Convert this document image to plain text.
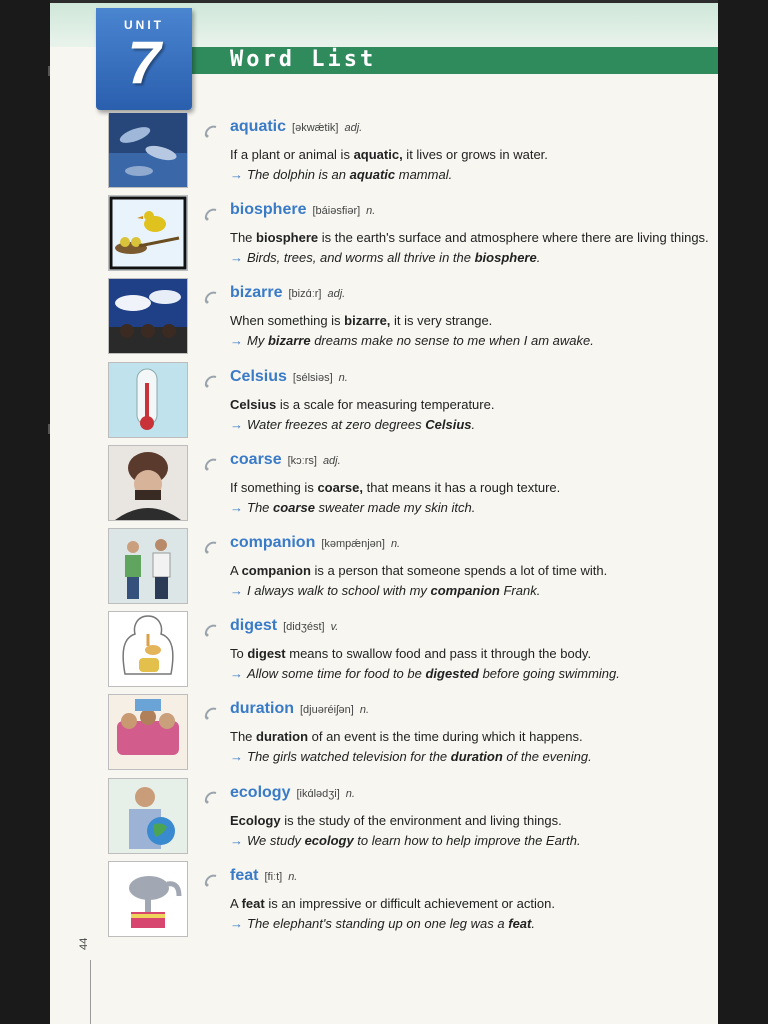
Word List
UNIT
7
aquatic [əkwǽtik] adj.
If a plant or animal is aquatic, it lives or grows in water.
→ The dolphin is an aquatic mammal.
biosphere [báiəsfiər] n.
The biosphere is the earth's surface and atmosphere where there are living things.
→ Birds, trees, and worms all thrive in the biosphere.
bizarre [bizɑ́ːr] adj.
When something is bizarre, it is very strange.
→ My bizarre dreams make no sense to me when I am awake.
Celsius [sélsiəs] n.
Celsius is a scale for measuring temperature.
→ Water freezes at zero degrees Celsius.
coarse [kɔːrs] adj.
If something is coarse, that means it has a rough texture.
→ The coarse sweater made my skin itch.
companion [kəmpǽnjən] n.
A companion is a person that someone spends a lot of time with.
→ I always walk to school with my companion Frank.
digest [didʒést] v.
To digest means to swallow food and pass it through the body.
→ Allow some time for food to be digested before going swimming.
duration [djuəréiʃən] n.
The duration of an event is the time during which it happens.
→ The girls watched television for the duration of the evening.
ecology [ikɑ́lədʒi] n.
Ecology is the study of the environment and living things.
→ We study ecology to learn how to help improve the Earth.
feat [fiːt] n.
A feat is an impressive or difficult achievement or action.
→ The elephant's standing up on one leg was a feat.
44
